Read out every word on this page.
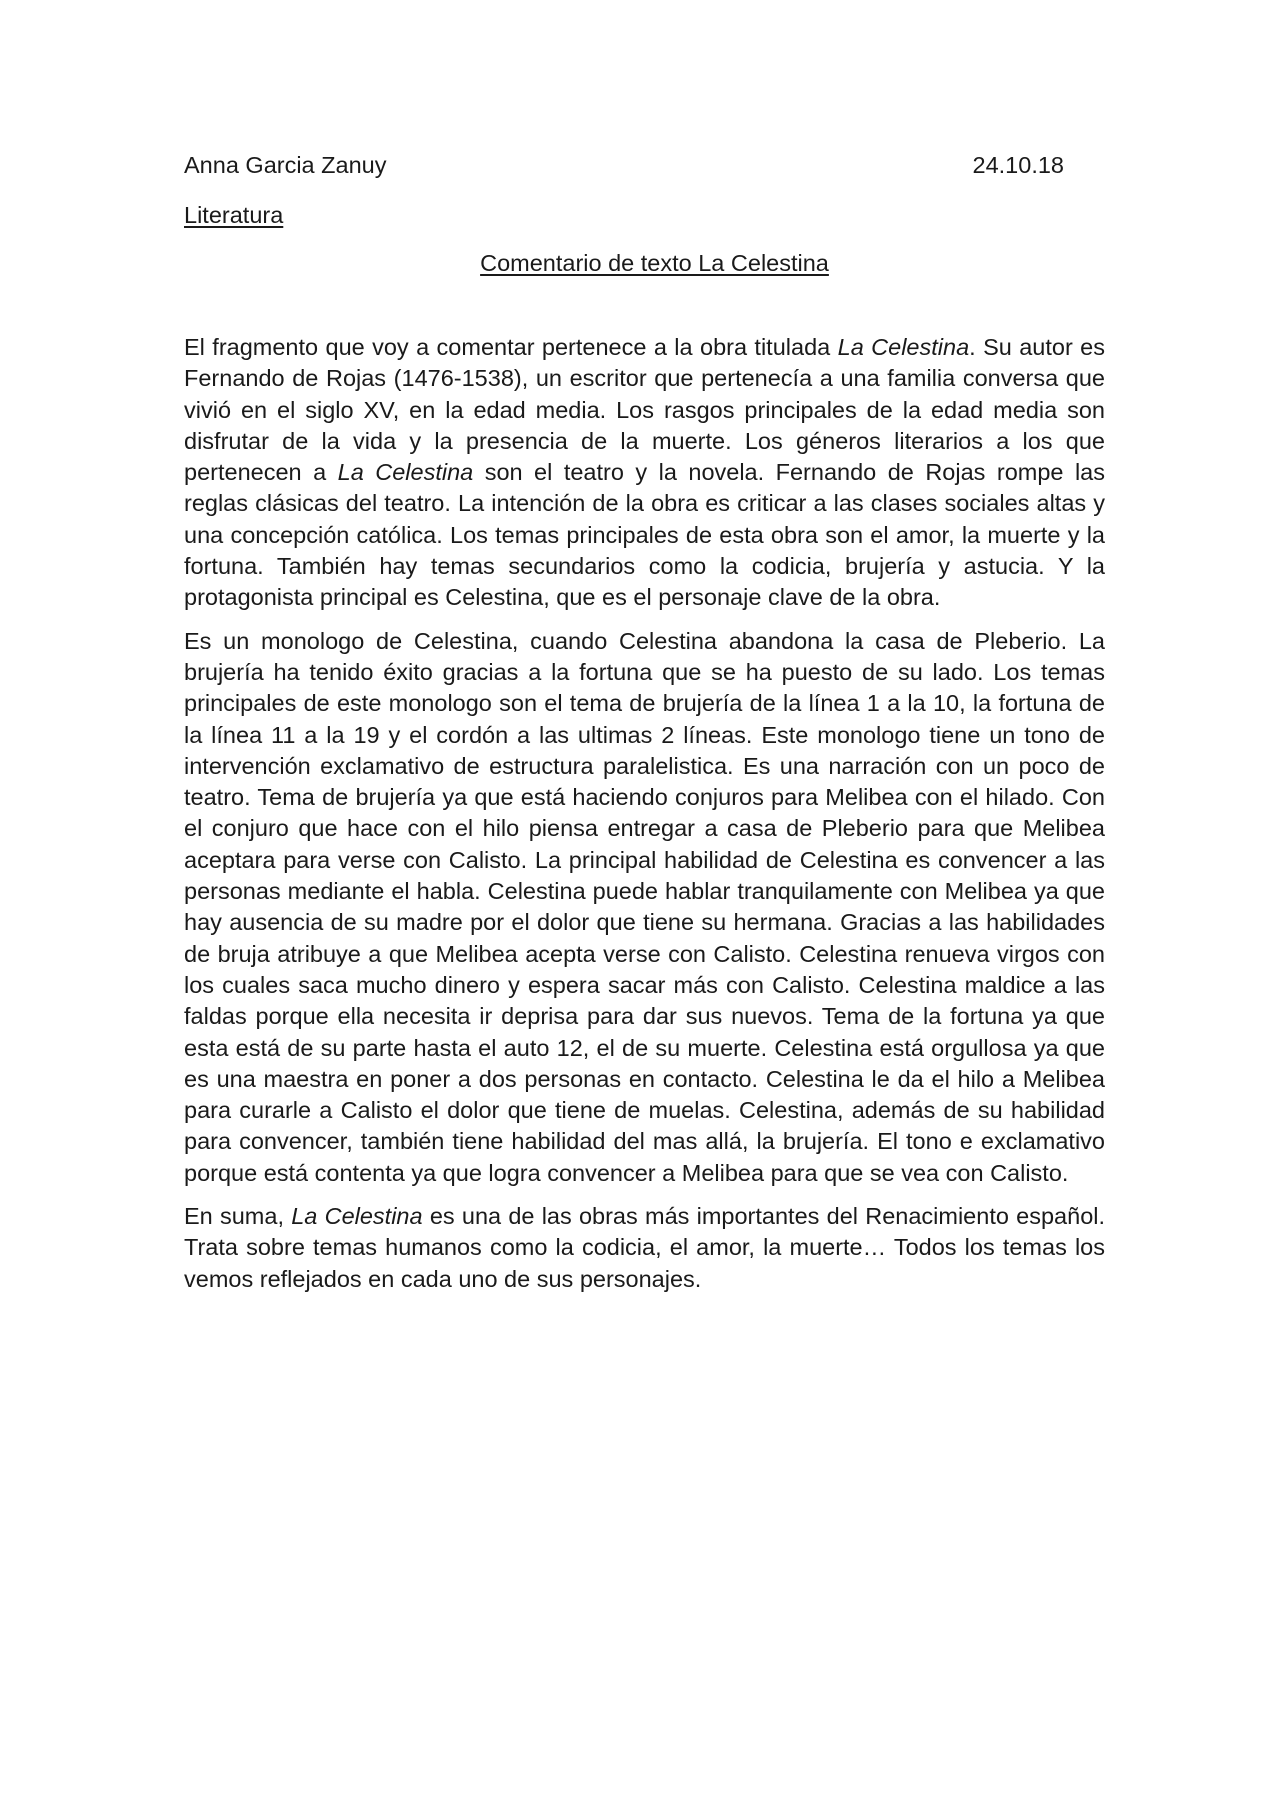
Anna Garcia Zanuy	24.10.18
Literatura
Comentario de texto La Celestina

El fragmento que voy a comentar pertenece a la obra titulada La Celestina. Su autor es Fernando de Rojas (1476-1538), un escritor que pertenecía a una familia conversa que vivió en el siglo XV, en la edad media. Los rasgos principales de la edad media son disfrutar de la vida y la presencia de la muerte. Los géneros literarios a los que pertenecen a La Celestina son el teatro y la novela. Fernando de Rojas rompe las reglas clásicas del teatro. La intención de la obra es criticar a las clases sociales altas y una concepción católica. Los temas principales de esta obra son el amor, la muerte y la fortuna. También hay temas secundarios como la codicia, brujería y astucia. Y la protagonista principal es Celestina, que es el personaje clave de la obra.

Es un monologo de Celestina, cuando Celestina abandona la casa de Pleberio. La brujería ha tenido éxito gracias a la fortuna que se ha puesto de su lado. Los temas principales de este monologo son el tema de brujería de la línea 1 a la 10, la fortuna de la línea 11 a la 19 y el cordón a las ultimas 2 líneas. Este monologo tiene un tono de intervención exclamativo de estructura paralelistica. Es una narración con un poco de teatro. Tema de brujería ya que está haciendo conjuros para Melibea con el hilado. Con el conjuro que hace con el hilo piensa entregar a casa de Pleberio para que Melibea aceptara para verse con Calisto. La principal habilidad de Celestina es convencer a las personas mediante el habla. Celestina puede hablar tranquilamente con Melibea ya que hay ausencia de su madre por el dolor que tiene su hermana. Gracias a las habilidades de bruja atribuye a que Melibea acepta verse con Calisto. Celestina renueva virgos con los cuales saca mucho dinero y espera sacar más con Calisto. Celestina maldice a las faldas porque ella necesita ir deprisa para dar sus nuevos. Tema de la fortuna ya que esta está de su parte hasta el auto 12, el de su muerte. Celestina está orgullosa ya que es una maestra en poner a dos personas en contacto. Celestina le da el hilo a Melibea para curarle a Calisto el dolor que tiene de muelas. Celestina, además de su habilidad para convencer, también tiene habilidad del mas allá, la brujería. El tono e exclamativo porque está contenta ya que logra convencer a Melibea para que se vea con Calisto.

En suma, La Celestina es una de las obras más importantes del Renacimiento español. Trata sobre temas humanos como la codicia, el amor, la muerte… Todos los temas los vemos reflejados en cada uno de sus personajes.
